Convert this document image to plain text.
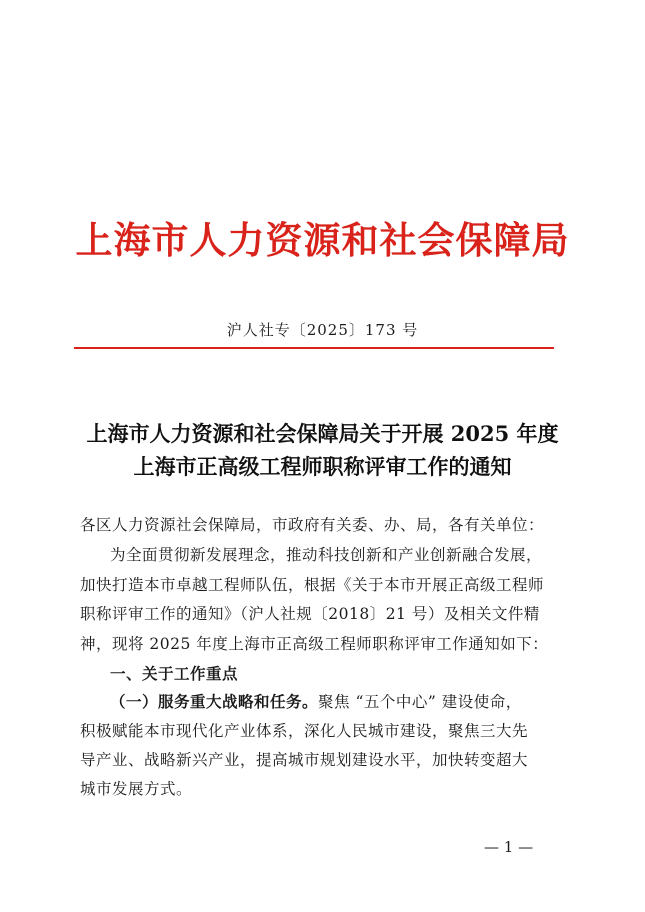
上海市人力资源和社会保障局
沪人社专〔2025〕173 号
上海市人力资源和社会保障局关于开展 2025 年度
上海市正高级工程师职称评审工作的通知
各区人力资源社会保障局，市政府有关委、办、局，各有关单位：
为全面贯彻新发展理念，推动科技创新和产业创新融合发展，
加快打造本市卓越工程师队伍，根据《关于本市开展正高级工程师
职称评审工作的通知》（沪人社规〔2018〕21 号）及相关文件精
神，现将 2025 年度上海市正高级工程师职称评审工作通知如下：
一、关于工作重点
（一）服务重大战略和任务。聚焦 “五个中心” 建设使命，
积极赋能本市现代化产业体系，深化人民城市建设，聚焦三大先
导产业、战略新兴产业，提高城市规划建设水平，加快转变超大
城市发展方式。
— 1 —
